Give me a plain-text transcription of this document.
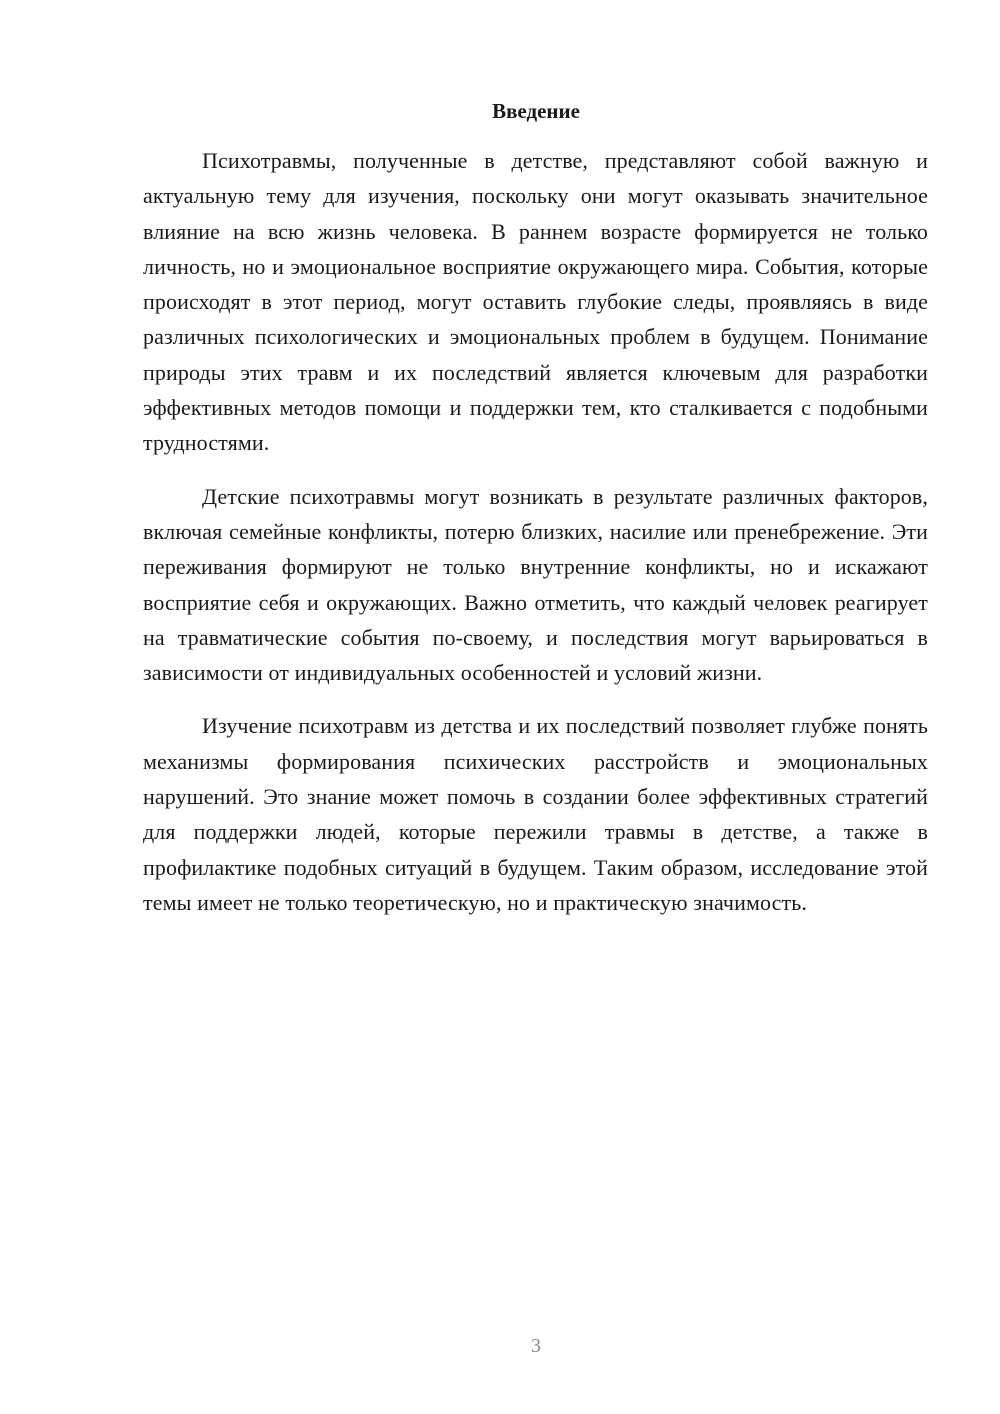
Введение

Психотравмы, полученные в детстве, представляют собой важную и актуальную тему для изучения, поскольку они могут оказывать значительное влияние на всю жизнь человека. В раннем возрасте формируется не только личность, но и эмоциональное восприятие окружающего мира. События, которые происходят в этот период, могут оставить глубокие следы, проявляясь в виде различных психологических и эмоциональных проблем в будущем. Понимание природы этих травм и их последствий является ключевым для разработки эффективных методов помощи и поддержки тем, кто сталкивается с подобными трудностями.

Детские психотравмы могут возникать в результате различных факторов, включая семейные конфликты, потерю близких, насилие или пренебрежение. Эти переживания формируют не только внутренние конфликты, но и искажают восприятие себя и окружающих. Важно отметить, что каждый человек реагирует на травматические события по-своему, и последствия могут варьироваться в зависимости от индивидуальных особенностей и условий жизни.

Изучение психотравм из детства и их последствий позволяет глубже понять механизмы формирования психических расстройств и эмоциональных нарушений. Это знание может помочь в создании более эффективных стратегий для поддержки людей, которые пережили травмы в детстве, а также в профилактике подобных ситуаций в будущем. Таким образом, исследование этой темы имеет не только теоретическую, но и практическую значимость.

3
